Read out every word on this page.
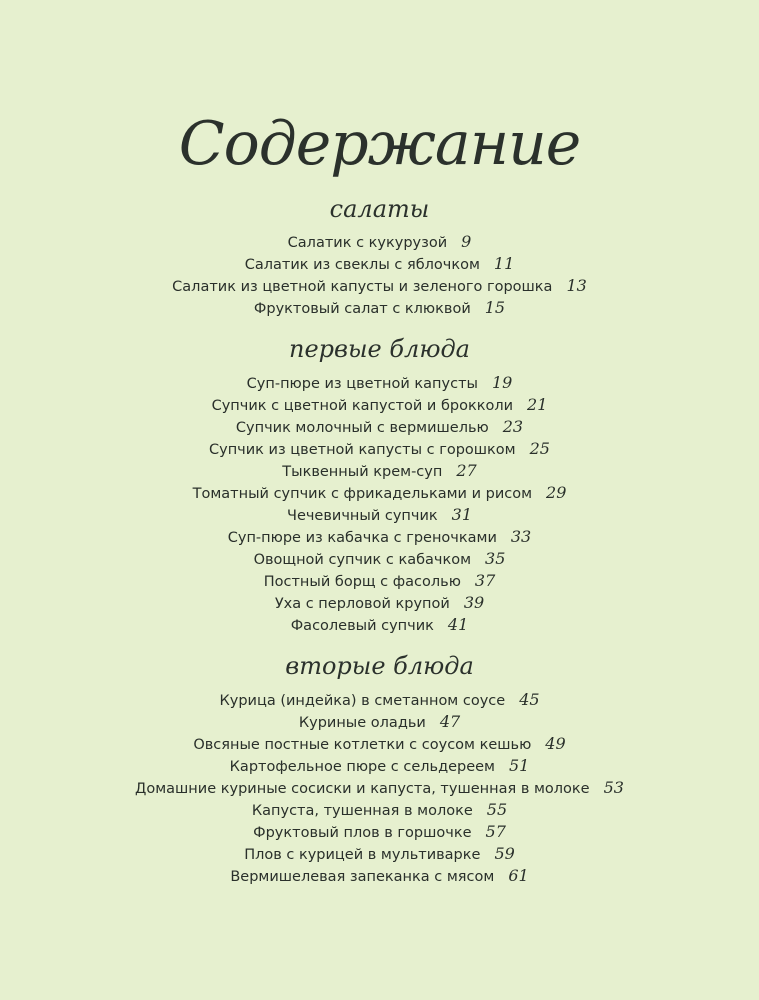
Содержание
салаты
Салатик с кукурузой 9
Салатик из свеклы с яблочком 11
Салатик из цветной капусты и зеленого горошка 13
Фруктовый салат с клюквой 15
первые блюда
Суп-пюре из цветной капусты 19
Супчик с цветной капустой и брокколи 21
Супчик молочный с вермишелью 23
Супчик из цветной капусты с горошком 25
Тыквенный крем-суп 27
Томатный супчик с фрикадельками и рисом 29
Чечевичный супчик 31
Суп-пюре из кабачка с греночками 33
Овощной супчик с кабачком 35
Постный борщ с фасолью 37
Уха с перловой крупой 39
Фасолевый супчик 41
вторые блюда
Курица (индейка) в сметанном соусе 45
Куриные оладьи 47
Овсяные постные котлетки с соусом кешью 49
Картофельное пюре с сельдереем 51
Домашние куриные сосиски и капуста, тушенная в молоке 53
Капуста, тушенная в молоке 55
Фруктовый плов в горшочке 57
Плов с курицей в мультиварке 59
Вермишелевая запеканка с мясом 61
